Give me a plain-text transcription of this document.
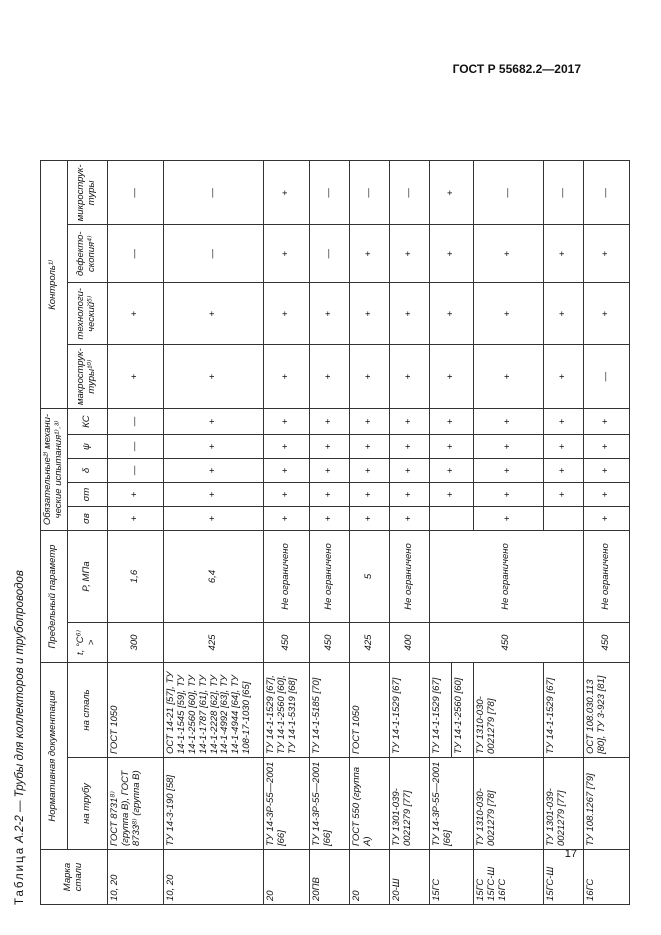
ГОСТ Р 55682.2—2017
17
Таблица А.2-2 — Трубы для коллекторов и трубопроводов
Марка стали	Нормативная документация		Предельный параметр		Обязательные²⁾ механи-ческие испытания¹⁾˒³⁾					Контроль¹⁾			
	на трубу	на сталь	t, °С⁶⁾ >	Р, МПа	σв	σт	δ	ψ	КС	макрострук-туры¹⁰⁾	технологи-ческий⁵⁾	дефекто-скопия⁴⁾	микрострук-туры
10, 20	ГОСТ 8731⁸⁾ (группа В), ГОСТ 8733⁸⁾ (группа В)	ГОСТ 1050	300	1,6	+	+	—	—	—	+	+	—	—
10, 20	ТУ 14-3-190 [58]	ОСТ 14-21 [57], ТУ 14-1-1545 [59], ТУ 14-1-2560 [60], ТУ 14-1-1787 [61], ТУ 14-1-2228 [62], ТУ 14-1-4992 [63], ТУ 14-1-4944 [64], ТУ 108-17-1030 [65]	425	6,4	+	+	+	+	+	+	+	—	—
20	ТУ 14-3Р-55—2001 [66]	ТУ 14-1-1529 [67], ТУ 14-1-2560 [60], ТУ 14-1-5319 [68]	450	Не ограничено	+	+	+	+	+	+	+	+	+
20ПВ	ТУ 14-3Р-55—2001 [66]	ТУ 14-1-5185 [70]	450	Не ограничено	+	+	+	+	+	+	+	—	—
20	ГОСТ 550 (группа А)	ГОСТ 1050	425	5	+	+	+	+	+	+	+	+	—
20-Ш	ТУ 1301-039-0021279 [77]	ТУ 14-1-1529 [67]	400	Не ограничено	+	+	+	+	+	+	+	+	—
15ГС	ТУ 14-3Р-55—2001 [66]	ТУ 14-1-1529 [67]	450	Не ограничено		+	+	+	+	+	+	+	+
		ТУ 14-1-2560 [60]											
15ГС 15ГС-Ш 16ГС	ТУ 1310-030-0021279 [78]	ТУ 1310-030-0021279 [78]			+	+	+	+	+	+	+	+	—
15ГС-Ш	ТУ 1301-039-0021279 [77]	ТУ 14-1-1529 [67]				+	+	+	+	+	+	+	—
16ГС	ТУ 108.1267 [79]	ОСТ 108.030.113 [80], ТУ 3-923 [81]	450	Не ограничено	+	+	+	+	+	—	+	+	—
